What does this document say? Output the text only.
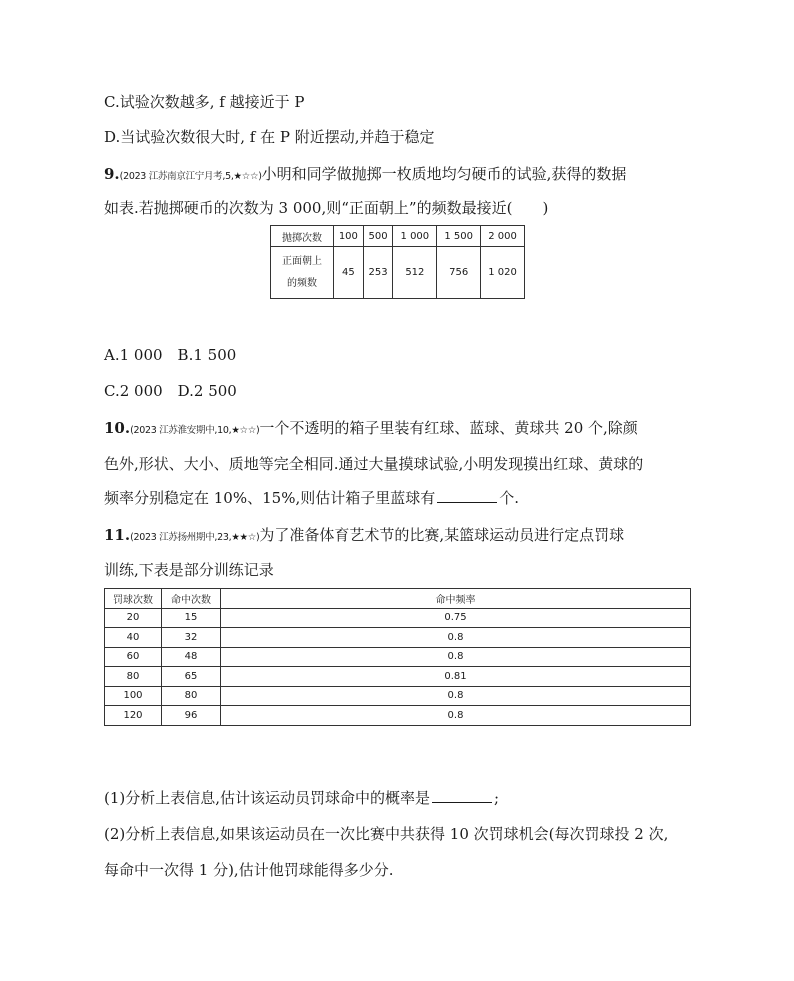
C.试验次数越多, f 越接近于 P
D.当试验次数很大时, f 在 P 附近摆动,并趋于稳定
9.(2023 江苏南京江宁月考,5,★☆☆)小明和同学做抛掷一枚质地均匀硬币的试验,获得的数据
如表.若抛掷硬币的次数为 3 000,则“正面朝上”的频数最接近(　　)
抛掷次数	100	500	1 000	1 500	2 000

正面朝上
的频数	45	253	512	756	1 020
A.1 000　B.1 500
C.2 000　D.2 500
10.(2023 江苏淮安期中,10,★☆☆)一个不透明的箱子里装有红球、蓝球、黄球共 20 个,除颜
色外,形状、大小、质地等完全相同.通过大量摸球试验,小明发现摸出红球、黄球的
频率分别稳定在 10%、15%,则估计箱子里蓝球有	个.
11.(2023 江苏扬州期中,23,★★☆)为了准备体育艺术节的比赛,某篮球运动员进行定点罚球
训练,下表是部分训练记录
罚球次数	命中次数	命中频率
20	15	0.75
40	32	0.8
60	48	0.8
80	65	0.81
100	80	0.8
120	96	0.8
(1)分析上表信息,估计该运动员罚球命中的概率是	;
(2)分析上表信息,如果该运动员在一次比赛中共获得 10 次罚球机会(每次罚球投 2 次,
每命中一次得 1 分),估计他罚球能得多少分.
